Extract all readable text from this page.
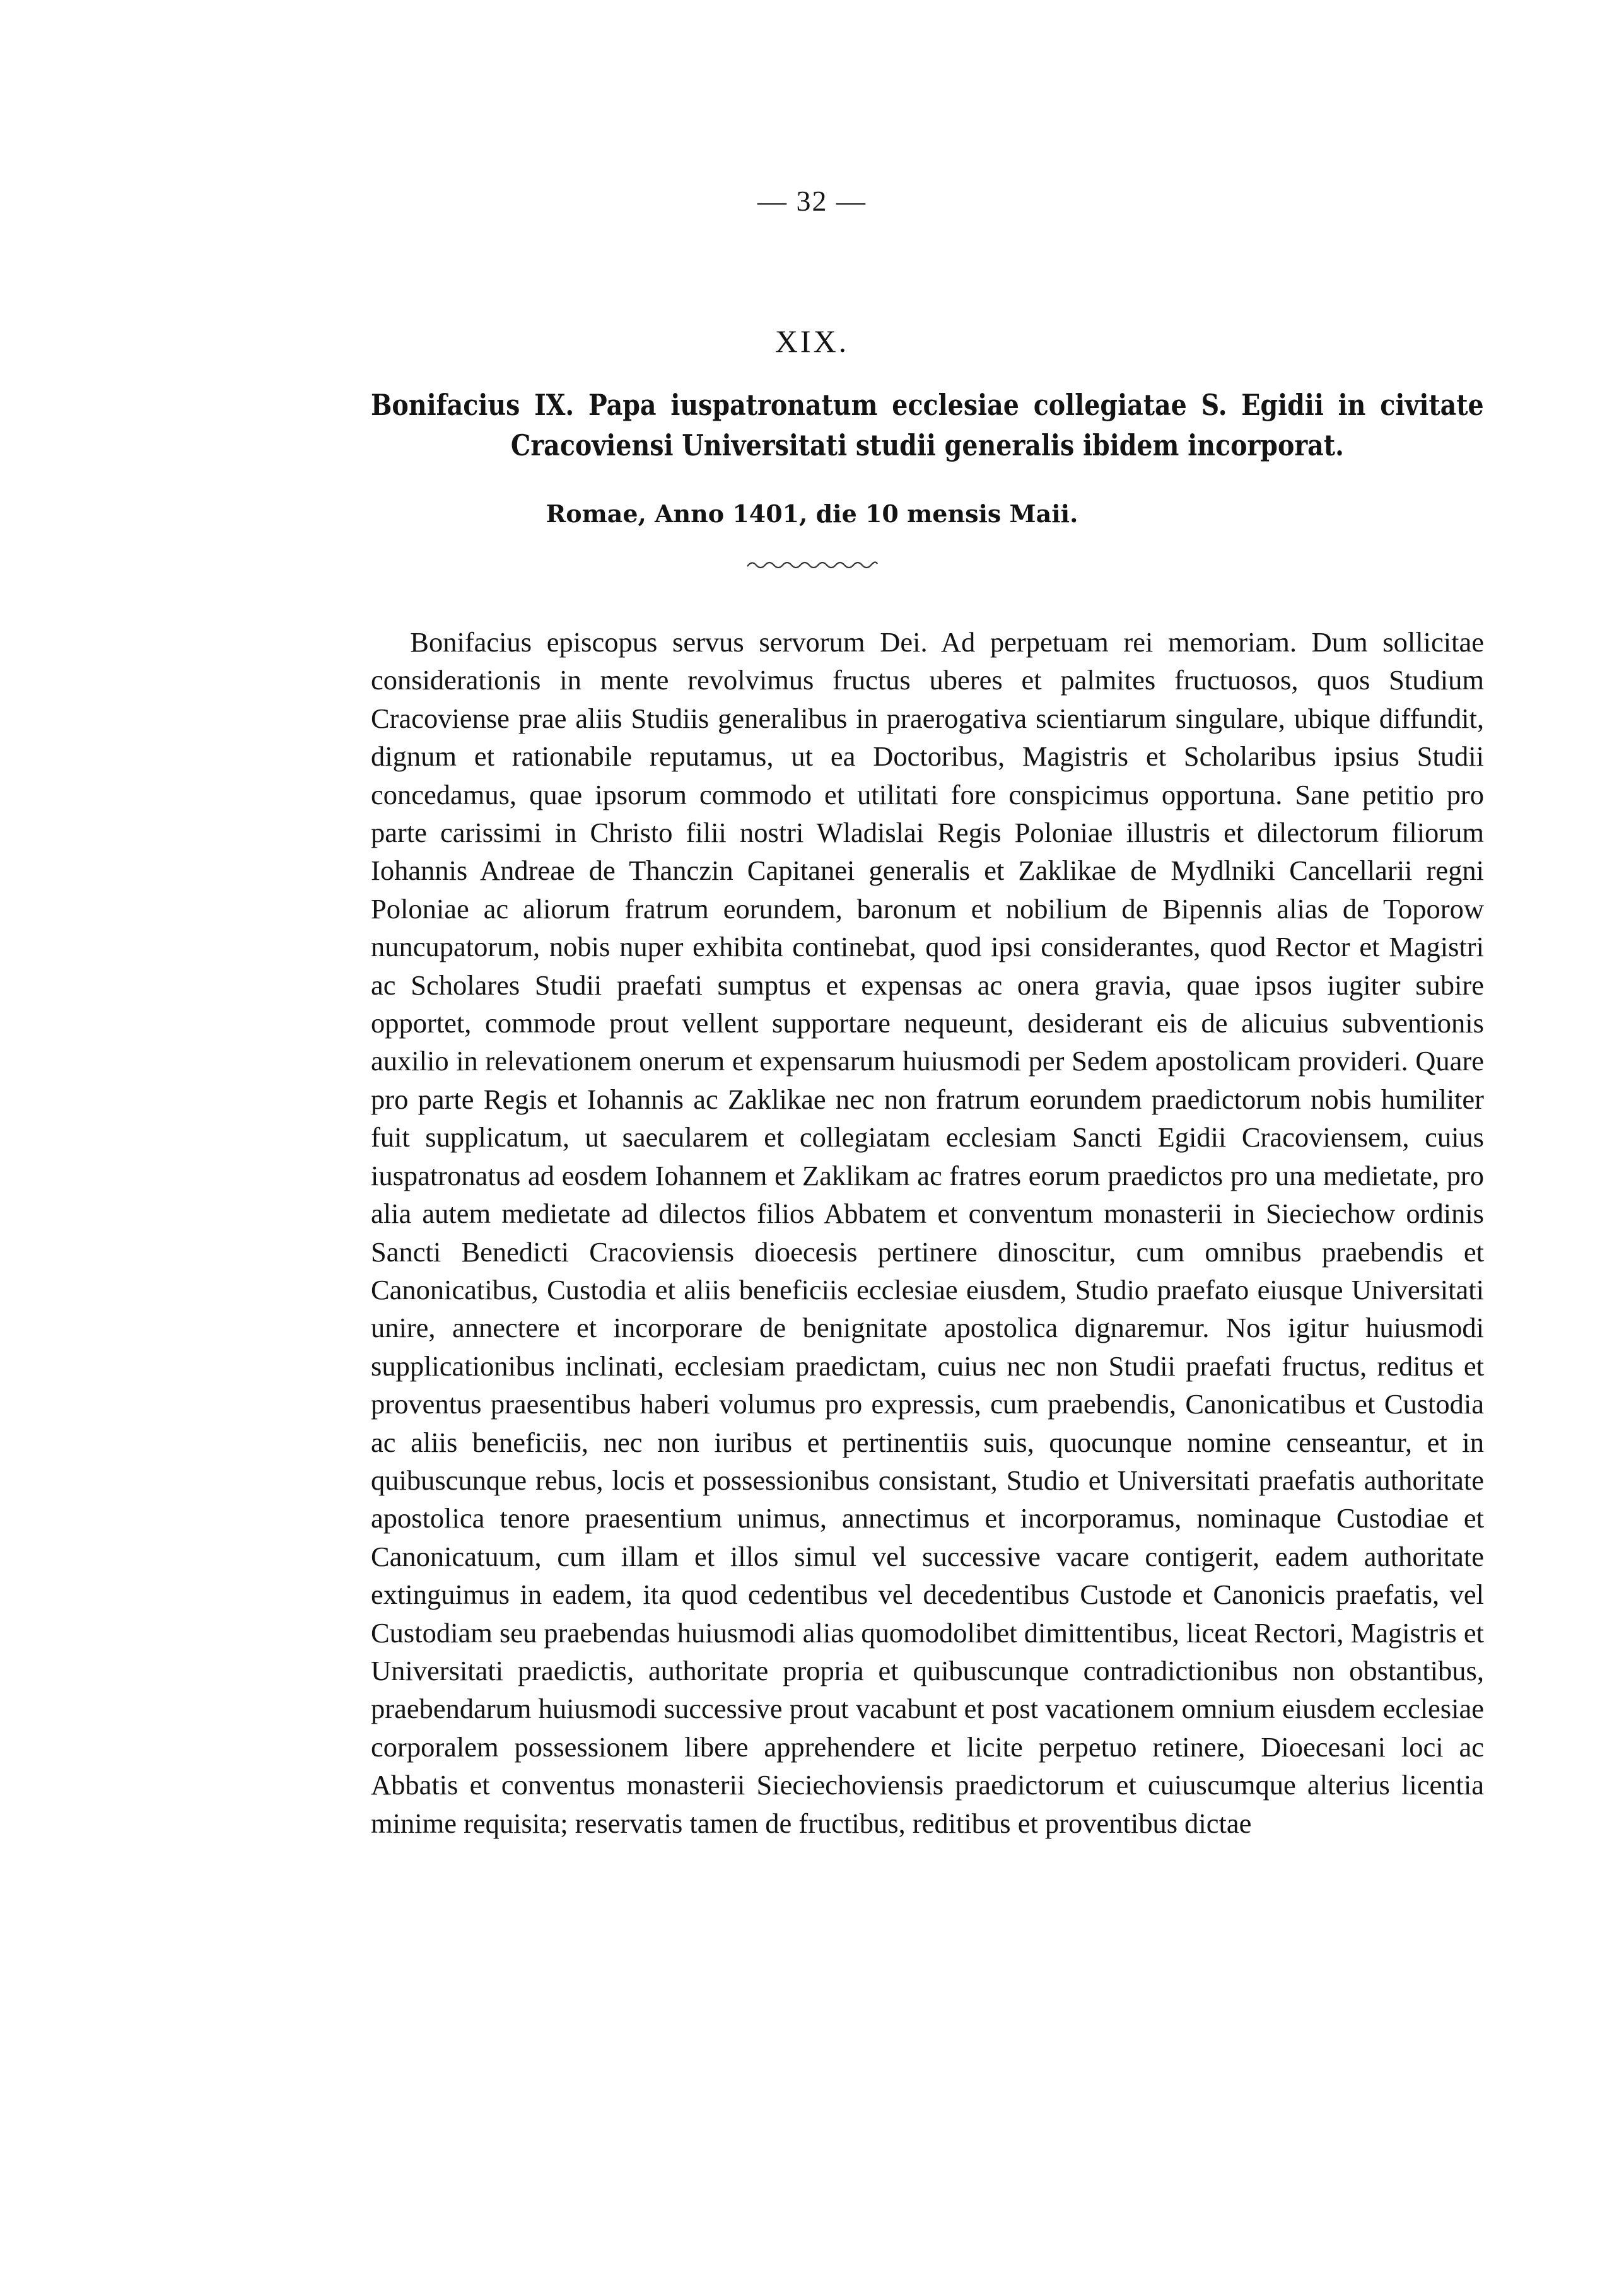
— 32 —
XIX.
Bonifacius IX. Papa iuspatronatum ecclesiae collegiatae S. Egidii in civitate Cracoviensi Universitati studii generalis ibidem incorporat.
Romae, Anno 1401, die 10 mensis Maii.
Bonifacius episcopus servus servorum Dei. Ad perpetuam rei memoriam. Dum sollicitae considerationis in mente revolvimus fructus uberes et palmites fructuosos, quos Studium Cracoviense prae aliis Studiis generalibus in praerogativa scientiarum singulare, ubique diffundit, dignum et rationabile reputamus, ut ea Doctoribus, Magistris et Scholaribus ipsius Studii concedamus, quae ipsorum commodo et utilitati fore conspicimus opportuna. Sane petitio pro parte carissimi in Christo filii nostri Wladislai Regis Poloniae illustris et dilectorum filiorum Iohannis Andreae de Thanczin Capitanei generalis et Zaklikae de Mydlniki Cancellarii regni Poloniae ac aliorum fratrum eorundem, baronum et nobilium de Bipennis alias de Toporow nuncupatorum, nobis nuper exhibita continebat, quod ipsi considerantes, quod Rector et Magistri ac Scholares Studii praefati sumptus et expensas ac onera gravia, quae ipsos iugiter subire opportet, commode prout vellent supportare nequeunt, desiderant eis de alicuius subventionis auxilio in relevationem onerum et expensarum huiusmodi per Sedem apostolicam provideri. Quare pro parte Regis et Iohannis ac Zaklikae nec non fratrum eorundem praedictorum nobis humiliter fuit supplicatum, ut saecularem et collegiatam ecclesiam Sancti Egidii Cracoviensem, cuius iuspatronatus ad eosdem Iohannem et Zaklikam ac fratres eorum praedictos pro una medietate, pro alia autem medietate ad dilectos filios Abbatem et conventum monasterii in Sieciechow ordinis Sancti Benedicti Cracoviensis dioecesis pertinere dinoscitur, cum omnibus praebendis et Canonicatibus, Custodia et aliis beneficiis ecclesiae eiusdem, Studio praefato eiusque Universitati unire, annectere et incorporare de benignitate apostolica dignaremur. Nos igitur huiusmodi supplicationibus inclinati, ecclesiam praedictam, cuius nec non Studii praefati fructus, reditus et proventus praesentibus haberi volumus pro expressis, cum praebendis, Canonicatibus et Custodia ac aliis beneficiis, nec non iuribus et pertinentiis suis, quocunque nomine censeantur, et in quibuscunque rebus, locis et possessionibus consistant, Studio et Universitati praefatis authoritate apostolica tenore praesentium unimus, annectimus et incorporamus, nominaque Custodiae et Canonicatuum, cum illam et illos simul vel successive vacare contigerit, eadem authoritate extinguimus in eadem, ita quod cedentibus vel decedentibus Custode et Canonicis praefatis, vel Custodiam seu praebendas huiusmodi alias quomodolibet dimittentibus, liceat Rectori, Magistris et Universitati praedictis, authoritate propria et quibuscunque contradictionibus non obstantibus, praebendarum huiusmodi successive prout vacabunt et post vacationem omnium eiusdem ecclesiae corporalem possessionem libere apprehendere et licite perpetuo retinere, Dioecesani loci ac Abbatis et conventus monasterii Sieciechoviensis praedictorum et cuiuscumque alterius licentia minime requisita; reservatis tamen de fructibus, reditibus et proventibus dictae
